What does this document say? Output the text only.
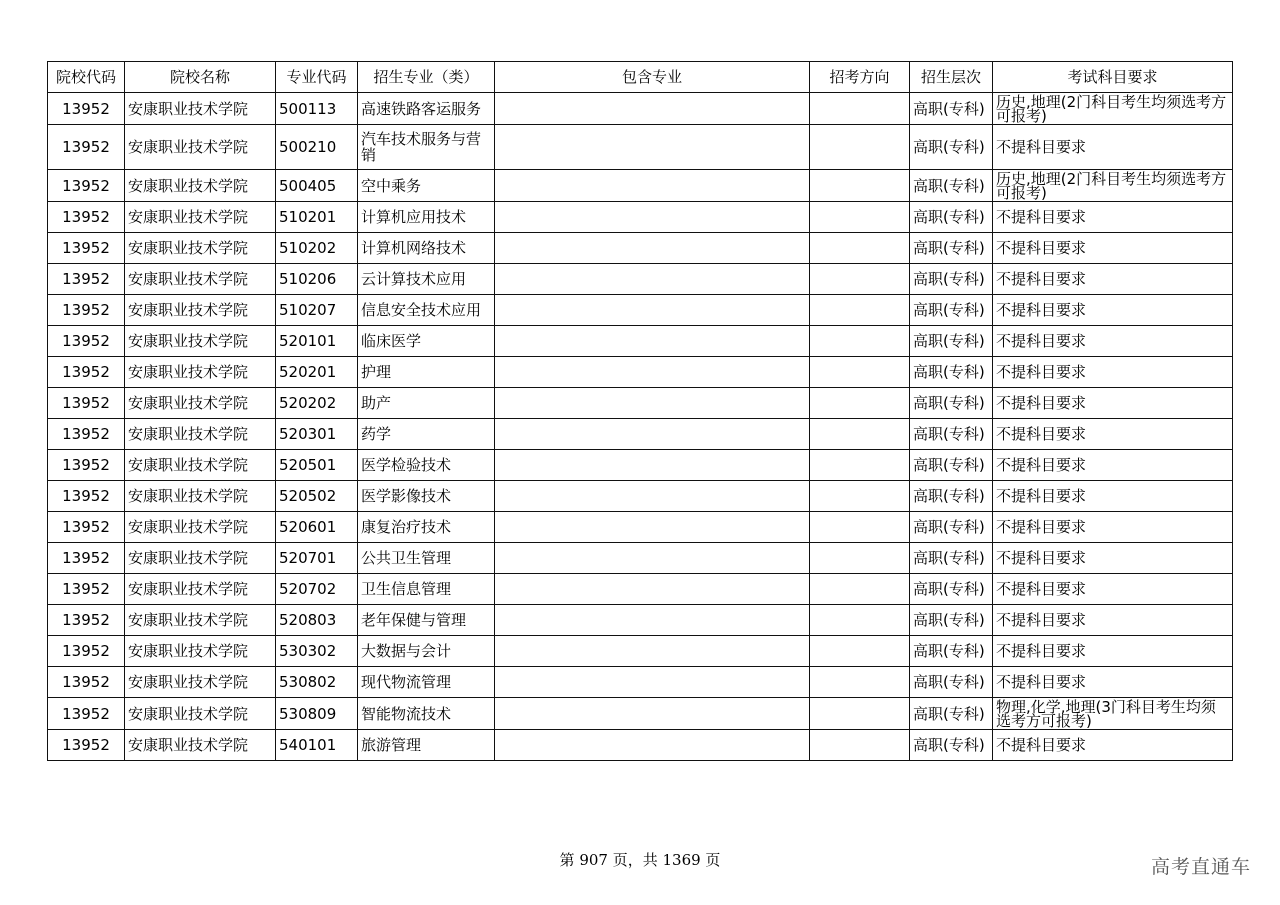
院校代码	院校名称	专业代码	招生专业（类）	包含专业	招考方向	招生层次	考试科目要求
13952	安康职业技术学院	500113	高速铁路客运服务			高职(专科)	历史,地理(2门科目考生均须选考方可报考)
13952	安康职业技术学院	500210	汽车技术服务与营销			高职(专科)	不提科目要求
13952	安康职业技术学院	500405	空中乘务			高职(专科)	历史,地理(2门科目考生均须选考方可报考)
13952	安康职业技术学院	510201	计算机应用技术			高职(专科)	不提科目要求
13952	安康职业技术学院	510202	计算机网络技术			高职(专科)	不提科目要求
13952	安康职业技术学院	510206	云计算技术应用			高职(专科)	不提科目要求
13952	安康职业技术学院	510207	信息安全技术应用			高职(专科)	不提科目要求
13952	安康职业技术学院	520101	临床医学			高职(专科)	不提科目要求
13952	安康职业技术学院	520201	护理			高职(专科)	不提科目要求
13952	安康职业技术学院	520202	助产			高职(专科)	不提科目要求
13952	安康职业技术学院	520301	药学			高职(专科)	不提科目要求
13952	安康职业技术学院	520501	医学检验技术			高职(专科)	不提科目要求
13952	安康职业技术学院	520502	医学影像技术			高职(专科)	不提科目要求
13952	安康职业技术学院	520601	康复治疗技术			高职(专科)	不提科目要求
13952	安康职业技术学院	520701	公共卫生管理			高职(专科)	不提科目要求
13952	安康职业技术学院	520702	卫生信息管理			高职(专科)	不提科目要求
13952	安康职业技术学院	520803	老年保健与管理			高职(专科)	不提科目要求
13952	安康职业技术学院	530302	大数据与会计			高职(专科)	不提科目要求
13952	安康职业技术学院	530802	现代物流管理			高职(专科)	不提科目要求
13952	安康职业技术学院	530809	智能物流技术			高职(专科)	物理,化学,地理(3门科目考生均须选考方可报考)
13952	安康职业技术学院	540101	旅游管理			高职(专科)	不提科目要求
第 907 页，共 1369 页	高考直通车
